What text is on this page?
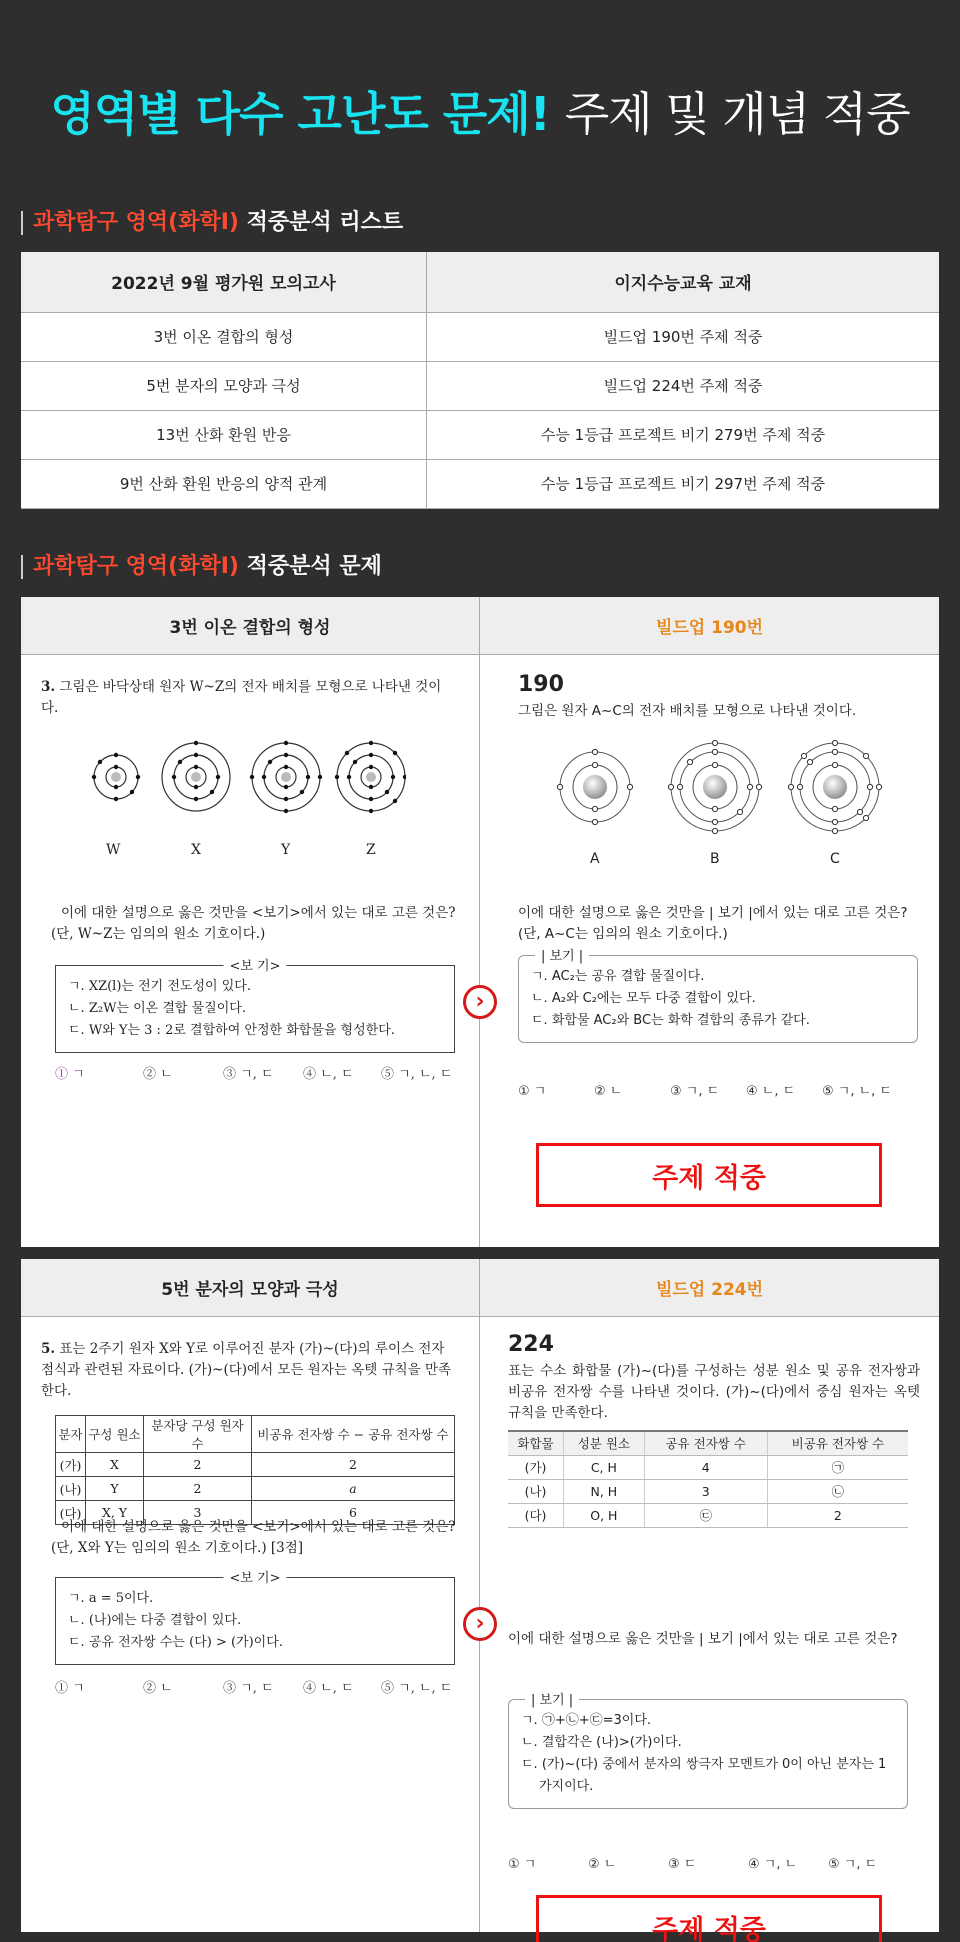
영역별 다수 고난도 문제! 주제 및 개념 적중
과학탐구 영역(화학Ⅰ) 적중분석 리스트
2022년 9월 평가원 모의고사	이지수능교육 교재
3번 이온 결합의 형성	빌드업 190번 주제 적중
5번 분자의 모양과 극성	빌드업 224번 주제 적중
13번 산화 환원 반응	수능 1등급 프로젝트 비기 279번 주제 적중
9번 산화 환원 반응의 양적 관계	수능 1등급 프로젝트 비기 297번 주제 적중
과학탐구 영역(화학Ⅰ) 적중분석 문제
3번 이온 결합의 형성	빌드업 190번
›
3. 그림은 바닥상태 원자 W~Z의 전자 배치를 모형으로 나타낸 것이다.
W	X	Y	Z
이에 대한 설명으로 옳은 것만을 <보기>에서 있는 대로 고른 것은? (단, W~Z는 임의의 원소 기호이다.)
<보 기>
ㄱ. XZ(l)는 전기 전도성이 있다.
ㄴ. Z₂W는 이온 결합 물질이다.
ㄷ. W와 Y는 3 : 2로 결합하여 안정한 화합물을 형성한다.
① ㄱ	② ㄴ	③ ㄱ, ㄷ	④ ㄴ, ㄷ	⑤ ㄱ, ㄴ, ㄷ
190
그림은 원자 A~C의 전자 배치를 모형으로 나타낸 것이다.
A	B	C
이에 대한 설명으로 옳은 것만을 | 보기 |에서 있는 대로 고른 것은? (단, A~C는 임의의 원소 기호이다.)
| 보기 |
ㄱ. AC₂는 공유 결합 물질이다.
ㄴ. A₂와 C₂에는 모두 다중 결합이 있다.
ㄷ. 화합물 AC₂와 BC는 화학 결합의 종류가 같다.
① ㄱ	② ㄴ	③ ㄱ, ㄷ	④ ㄴ, ㄷ	⑤ ㄱ, ㄴ, ㄷ
주제 적중
5번 분자의 모양과 극성	빌드업 224번
›
5. 표는 2주기 원자 X와 Y로 이루어진 분자 (가)~(다)의 루이스 전자점식과 관련된 자료이다. (가)~(다)에서 모든 원자는 옥텟 규칙을 만족한다.
분자	구성 원소	분자당 구성 원자 수	비공유 전자쌍 수 − 공유 전자쌍 수
(가)	X	2	2
(나)	Y	2	a
(다)	X, Y	3	6
이에 대한 설명으로 옳은 것만을 <보기>에서 있는 대로 고른 것은? (단, X와 Y는 임의의 원소 기호이다.) [3점]
<보 기>
ㄱ. a = 5이다.
ㄴ. (나)에는 다중 결합이 있다.
ㄷ. 공유 전자쌍 수는 (다) > (가)이다.
① ㄱ	② ㄴ	③ ㄱ, ㄷ	④ ㄴ, ㄷ	⑤ ㄱ, ㄴ, ㄷ
224
표는 수소 화합물 (가)~(다)를 구성하는 성분 원소 및 공유 전자쌍과 비공유 전자쌍 수를 나타낸 것이다. (가)~(다)에서 중심 원자는 옥텟 규칙을 만족한다.
화합물	성분 원소	공유 전자쌍 수	비공유 전자쌍 수
(가)	C, H	4	㉠
(나)	N, H	3	㉡
(다)	O, H	㉢	2
이에 대한 설명으로 옳은 것만을 | 보기 |에서 있는 대로 고른 것은?
| 보기 |
ㄱ. ㉠+㉡+㉢=3이다.
ㄴ. 결합각은 (나)>(가)이다.
ㄷ. (가)~(다) 중에서 분자의 쌍극자 모멘트가 0이 아닌 분자는 1가지이다.
① ㄱ	② ㄴ	③ ㄷ	④ ㄱ, ㄴ	⑤ ㄱ, ㄷ
주제 적중
